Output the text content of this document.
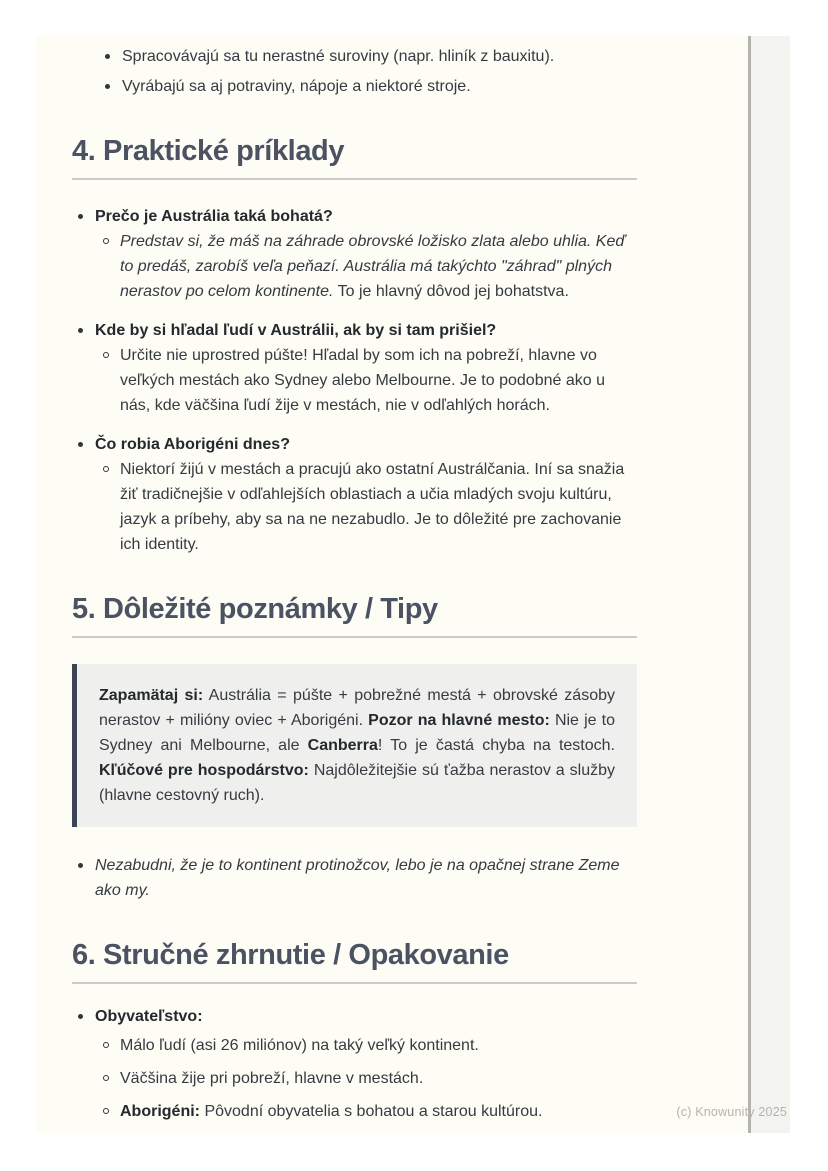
Spracovávajú sa tu nerastné suroviny (napr. hliník z bauxitu).
Vyrábajú sa aj potraviny, nápoje a niektoré stroje.
4. Praktické príklady
Prečo je Austrália taká bohatá?
Predstav si, že máš na záhrade obrovské ložisko zlata alebo uhlia. Keď to predáš, zarobíš veľa peňazí. Austrália má takýchto "záhrad" plných nerastov po celom kontinente. To je hlavný dôvod jej bohatstva.
Kde by si hľadal ľudí v Austrálii, ak by si tam prišiel?
Určite nie uprostred púšte! Hľadal by som ich na pobreží, hlavne vo veľkých mestách ako Sydney alebo Melbourne. Je to podobné ako u nás, kde väčšina ľudí žije v mestách, nie v odľahlých horách.
Čo robia Aborigéni dnes?
Niektorí žijú v mestách a pracujú ako ostatní Austrálčania. Iní sa snažia žiť tradičnejšie v odľahlejších oblastiach a učia mladých svoju kultúru, jazyk a príbehy, aby sa na ne nezabudlo. Je to dôležité pre zachovanie ich identity.
5. Dôležité poznámky / Tipy
Zapamätaj si: Austrália = púšte + pobrežné mestá + obrovské zásoby nerastov + milióny oviec + Aborigéni. Pozor na hlavné mesto: Nie je to Sydney ani Melbourne, ale Canberra! To je častá chyba na testoch. Kľúčové pre hospodárstvo: Najdôležitejšie sú ťažba nerastov a služby (hlavne cestovný ruch).
Nezabudni, že je to kontinent protinožcov, lebo je na opačnej strane Zeme ako my.
6. Stručné zhrnutie / Opakovanie
Obyvateľstvo:
Málo ľudí (asi 26 miliónov) na taký veľký kontinent.
Väčšina žije pri pobreží, hlavne v mestách.
Aborigéni: Pôvodní obyvatelia s bohatou a starou kultúrou.	(c) Knowunity 2025
